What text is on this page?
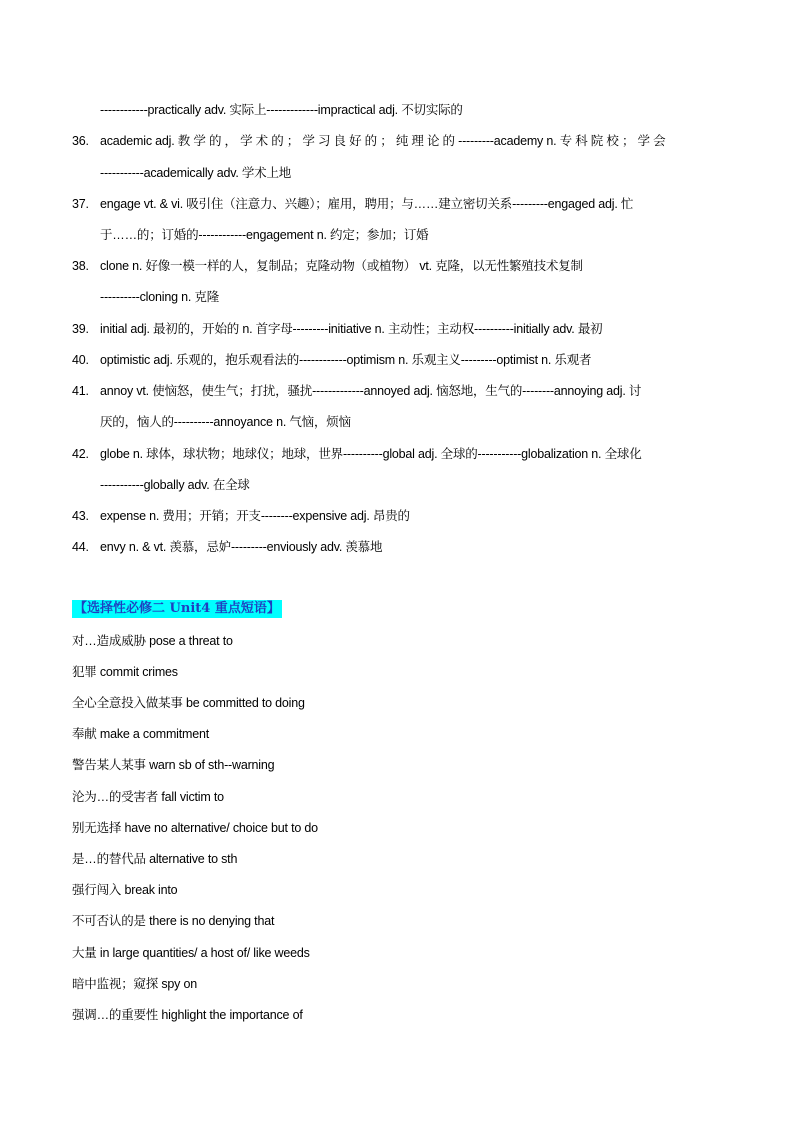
------------practically adv. 实际上-------------impractical adj. 不切实际的
36. academic adj. 教 学 的 ， 学 术 的 ； 学 习 良 好 的 ； 纯 理 论 的 ---------academy n. 专 科 院 校 ； 学 会
-----------academically adv. 学术上地
37. engage vt. & vi. 吸引住（注意力、兴趣）；雇用，聘用；与……建立密切关系---------engaged adj. 忙
于……的；订婚的------------engagement n. 约定；参加；订婚
38. clone n. 好像一模一样的人，复制品；克隆动物（或植物） vt. 克隆，以无性繁殖技术复制
----------cloning n. 克隆
39. initial adj. 最初的，开始的 n. 首字母---------initiative n. 主动性；主动权----------initially adv. 最初
40. optimistic adj. 乐观的，抱乐观看法的------------optimism n. 乐观主义---------optimist n. 乐观者
41. annoy vt. 使恼怒，使生气；打扰，骚扰-------------annoyed adj. 恼怒地，生气的--------annoying adj. 讨
厌的，恼人的----------annoyance n. 气恼，烦恼
42. globe n. 球体，球状物；地球仪；地球，世界----------global adj. 全球的-----------globalization n. 全球化
-----------globally adv. 在全球
43. expense n. 费用；开销；开支--------expensive adj. 昂贵的
44. envy n. & vt. 羡慕，忌妒---------enviously adv. 羡慕地
【选择性必修二 Unit4 重点短语】
对…造成威胁 pose a threat to
犯罪 commit crimes
全心全意投入做某事 be committed to doing
奉献 make a commitment
警告某人某事 warn sb of sth--warning
沦为…的受害者 fall victim to
别无选择 have no alternative/ choice but to do
是…的替代品 alternative to sth
强行闯入 break into
不可否认的是 there is no denying that
大量 in large quantities/ a host of/ like weeds
暗中监视；窥探 spy on
强调…的重要性 highlight the importance of
